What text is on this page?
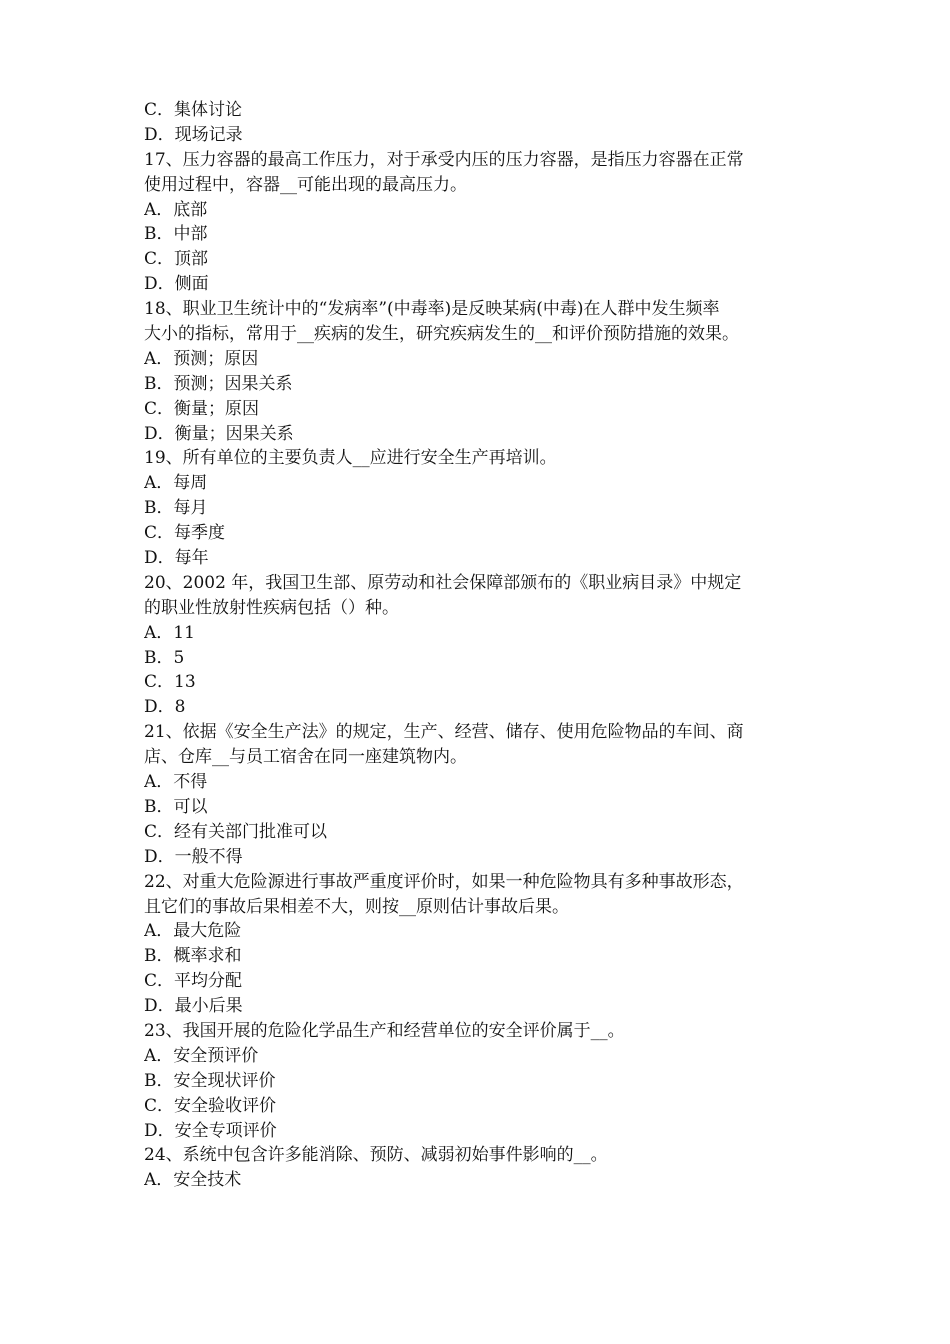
C．集体讨论
D．现场记录
17、压力容器的最高工作压力，对于承受内压的压力容器，是指压力容器在正常
使用过程中，容器__可能出现的最高压力。
A．底部
B．中部
C．顶部
D．侧面
18、职业卫生统计中的“发病率”(中毒率)是反映某病(中毒)在人群中发生频率
大小的指标，常用于__疾病的发生，研究疾病发生的__和评价预防措施的效果。
A．预测；原因
B．预测；因果关系
C．衡量；原因
D．衡量；因果关系
19、所有单位的主要负责人__应进行安全生产再培训。
A．每周
B．每月
C．每季度
D．每年
20、2002 年，我国卫生部、原劳动和社会保障部颁布的《职业病目录》中规定
的职业性放射性疾病包括（）种。
A．11
B．5
C．13
D．8
21、依据《安全生产法》的规定，生产、经营、储存、使用危险物品的车间、商
店、仓库__与员工宿舍在同一座建筑物内。
A．不得
B．可以
C．经有关部门批准可以
D．一般不得
22、对重大危险源进行事故严重度评价时，如果一种危险物具有多种事故形态，
且它们的事故后果相差不大，则按__原则估计事故后果。
A．最大危险
B．概率求和
C．平均分配
D．最小后果
23、我国开展的危险化学品生产和经营单位的安全评价属于__。
A．安全预评价
B．安全现状评价
C．安全验收评价
D．安全专项评价
24、系统中包含许多能消除、预防、减弱初始事件影响的__。
A．安全技术
